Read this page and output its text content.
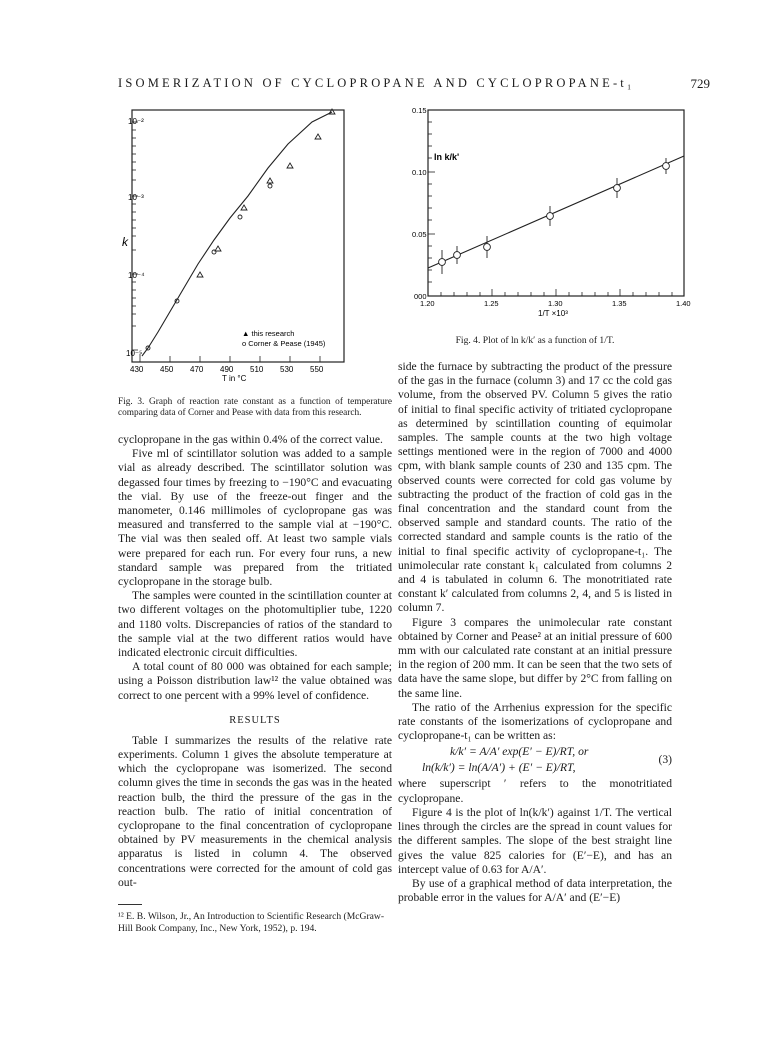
ISOMERIZATION OF CYCLOPROPANE AND CYCLOPROPANE-t₁	729
10⁻²
10⁻³
10⁻⁴
10⁻⁵
k
430 450 470 490 510 530 550
T in °C
▲ this research
o Corner & Pease (1945)
Fig. 3. Graph of reaction rate constant as a function of temperature comparing data of Corner and Pease with data from this research.

cyclopropane in the gas within 0.4% of the correct value.

Five ml of scintillator solution was added to a sample vial as already described. The scintillator solution was degassed four times by freezing to −190°C and evacuating the vial. By use of the freeze-out finger and the manometer, 0.146 millimoles of cyclopropane gas was measured and transferred to the sample vial at −190°C. The vial was then sealed off. At least two sample vials were prepared for each run. For every four runs, a new standard sample was prepared from the tritiated cyclopropane in the storage bulb.

The samples were counted in the scintillation counter at two different voltages on the photomultiplier tube, 1220 and 1180 volts. Discrepancies of ratios of the standard to the sample vial at the two different ratios would have indicated electronic circuit difficulties.

A total count of 80 000 was obtained for each sample; using a Poisson distribution law¹² the value obtained was correct to one percent with a 99% level of confidence.

RESULTS

Table I summarizes the results of the relative rate experiments. Column 1 gives the absolute temperature at which the cyclopropane was isomerized. The second column gives the time in seconds the gas was in the heated reaction bulb, the third the pressure of the gas in the reaction bulb. The ratio of initial concentration of cyclopropane to the final concentration of cyclopropane obtained by PV measurements in the chemical analysis apparatus is listed in column 4. The observed concentrations were corrected for the amount of cold gas out-

¹² E. B. Wilson, Jr., An Introduction to Scientific Research (McGraw-Hill Book Company, Inc., New York, 1952), p. 194.
0.15
0.10
0.05
000
ln k/k'
1.20	1.25	1.30	1.35	1.40
1/T ×10³
Fig. 4. Plot of ln k/k′ as a function of 1/T.

side the furnace by subtracting the product of the pressure of the gas in the furnace (column 3) and 17 cc the cold gas volume, from the observed PV. Column 5 gives the ratio of initial to final specific activity of tritiated cyclopropane as determined by scintillation counting of equimolar samples. The sample counts at the two high voltage settings mentioned were in the region of 7000 and 4000 cpm, with blank sample counts of 230 and 135 cpm. The observed counts were corrected for cold gas volume by subtracting the product of the fraction of cold gas in the final concentration and the standard count from the observed sample and standard counts. The ratio of the corrected standard and sample counts is the ratio of the initial to final specific activity of cyclopropane-t₁. The unimolecular rate constant k₁ calculated from columns 2 and 4 is tabulated in column 6. The monotritiated rate constant k′ calculated from columns 2, 4, and 5 is listed in column 7.

Figure 3 compares the unimolecular rate constant obtained by Corner and Pease² at an initial pressure of 600 mm with our calculated rate constant at an initial pressure in the region of 200 mm. It can be seen that the two sets of data have the same slope, but differ by 2°C from falling on the same line.

The ratio of the Arrhenius expression for the specific rate constants of the isomerizations of cyclopropane and cyclopropane-t₁ can be written as:

k/k′ = A/A′ exp(E′ − E)/RT, or
ln(k/k′) = ln(A/A′) + (E′ − E)/RT,
(3)

where superscript ′ refers to the monotritiated cyclopropane.

Figure 4 is the plot of ln(k/k′) against 1/T. The vertical lines through the circles are the spread in count values for the different samples. The slope of the best straight line gives the value 825 calories for (E′−E), and has an intercept value of 0.63 for A/A′.

By use of a graphical method of data interpretation, the probable error in the values for A/A′ and (E′−E)
